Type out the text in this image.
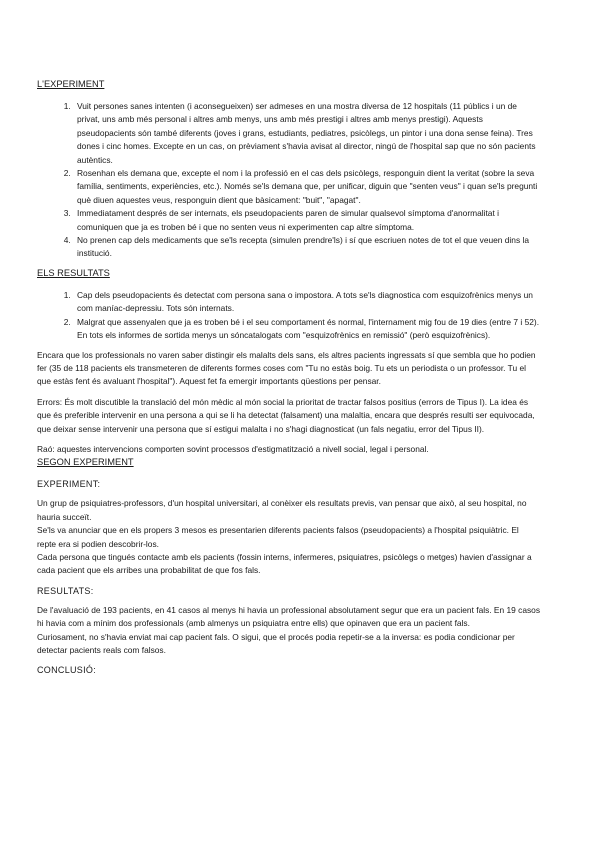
L'EXPERIMENT
1. Vuit persones sanes intenten (i aconsegueixen) ser admeses en una mostra diversa de 12 hospitals (11 públics i un de privat, uns amb més personal i altres amb menys, uns amb més prestigi i altres amb menys prestigi). Aquests pseudopacients són també diferents (joves i grans, estudiants, pediatres, psicòlegs, un pintor i una dona sense feina). Tres dones i cinc homes. Excepte en un cas, on prèviament s'havia avisat al director, ningú de l'hospital sap que no són pacients autèntics.
2. Rosenhan els demana que, excepte el nom i la professió en el cas dels psicòlegs, responguin dient la veritat (sobre la seva família, sentiments, experiències, etc.). Només se'ls demana que, per unificar, diguin que "senten veus" i quan se'ls pregunti què diuen aquestes veus, responguin dient que bàsicament: "buit", "apagat".
3. Immediatament després de ser internats, els pseudopacients paren de simular qualsevol símptoma d'anormalitat i comuniquen que ja es troben bé i que no senten veus ni experimenten cap altre símptoma.
4. No prenen cap dels medicaments que se'ls recepta (simulen prendre'ls) i sí que escriuen notes de tot el que veuen dins la institució.
ELS RESULTATS
1. Cap dels pseudopacients és detectat com persona sana o impostora. A tots se'ls diagnostica com esquizofrènics menys un com maníac-depressiu. Tots són internats.
2. Malgrat que assenyalen que ja es troben bé i el seu comportament és normal, l'internament mig fou de 19 dies (entre 7 i 52). En tots els informes de sortida menys un sóncatalogats com "esquizofrènics en remissió" (però esquizofrènics).

Encara que los professionals no varen saber distingir els malalts dels sans, els altres pacients ingressats sí que sembla que ho podien fer (35 de 118 pacients els transmeteren de diferents formes coses com "Tu no estàs boig. Tu ets un periodista o un professor. Tu el que estàs fent és avaluant l'hospital"). Aquest fet fa emergir importants qüestions per pensar.

Errors: És molt discutible la translació del món mèdic al món social la prioritat de tractar falsos positius (errors de Tipus I). La idea és que és preferible intervenir en una persona a qui se li ha detectat (falsament) una malaltia, encara que després resulti ser equivocada, que deixar sense intervenir una persona que sí estigui malalta i no s'hagi diagnosticat (un fals negatiu, error del Tipus II).

Raó: aquestes intervencions comporten sovint processos d'estigmatització a nivell social, legal i personal.

SEGON EXPERIMENT
EXPERIMENT:

Un grup de psiquiatres-professors, d'un hospital universitari, al conèixer els resultats previs, van pensar que això, al seu hospital, no hauria succeït.

Se'ls va anunciar que en els propers 3 mesos es presentarien diferents pacients falsos (pseudopacients) a l'hospital psiquiàtric. El repte era si podien descobrir-los.

Cada persona que tingués contacte amb els pacients (fossin interns, infermeres, psiquiatres, psicòlegs o metges) havien d'assignar a cada pacient que els arribes una probabilitat de que fos fals.

RESULTATS:

De l'avaluació de 193 pacients, en 41 casos al menys hi havia un professional absolutament segur que era un pacient fals. En 19 casos hi havia com a mínim dos professionals (amb almenys un psiquiatra entre ells) que opinaven que era un pacient fals.

Curiosament, no s'havia enviat mai cap pacient fals. O sigui, que el procés podia repetir-se a la inversa: es podia condicionar per detectar pacients reals com falsos.

CONCLUSIÓ:
